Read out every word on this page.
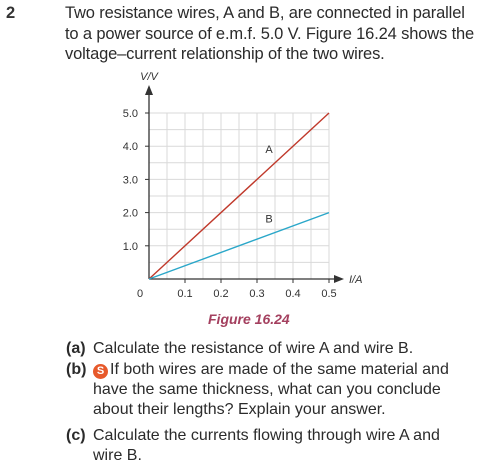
2	Two resistance wires, A and B, are connected in parallel
to a power source of e.m.f. 5.0 V. Figure 16.24 shows the
voltage–current relationship of the two wires.
V/V
I/A
1.0
2.0
3.0
4.0
5.0
0	0.1 0.2 0.3 0.4 0.5
A
B
Figure 16.24
(a) Calculate the resistance of wire A and wire B.
(b) S If both wires are made of the same material and
have the same thickness, what can you conclude
about their lengths? Explain your answer.
(c) Calculate the currents flowing through wire A and
wire B.
